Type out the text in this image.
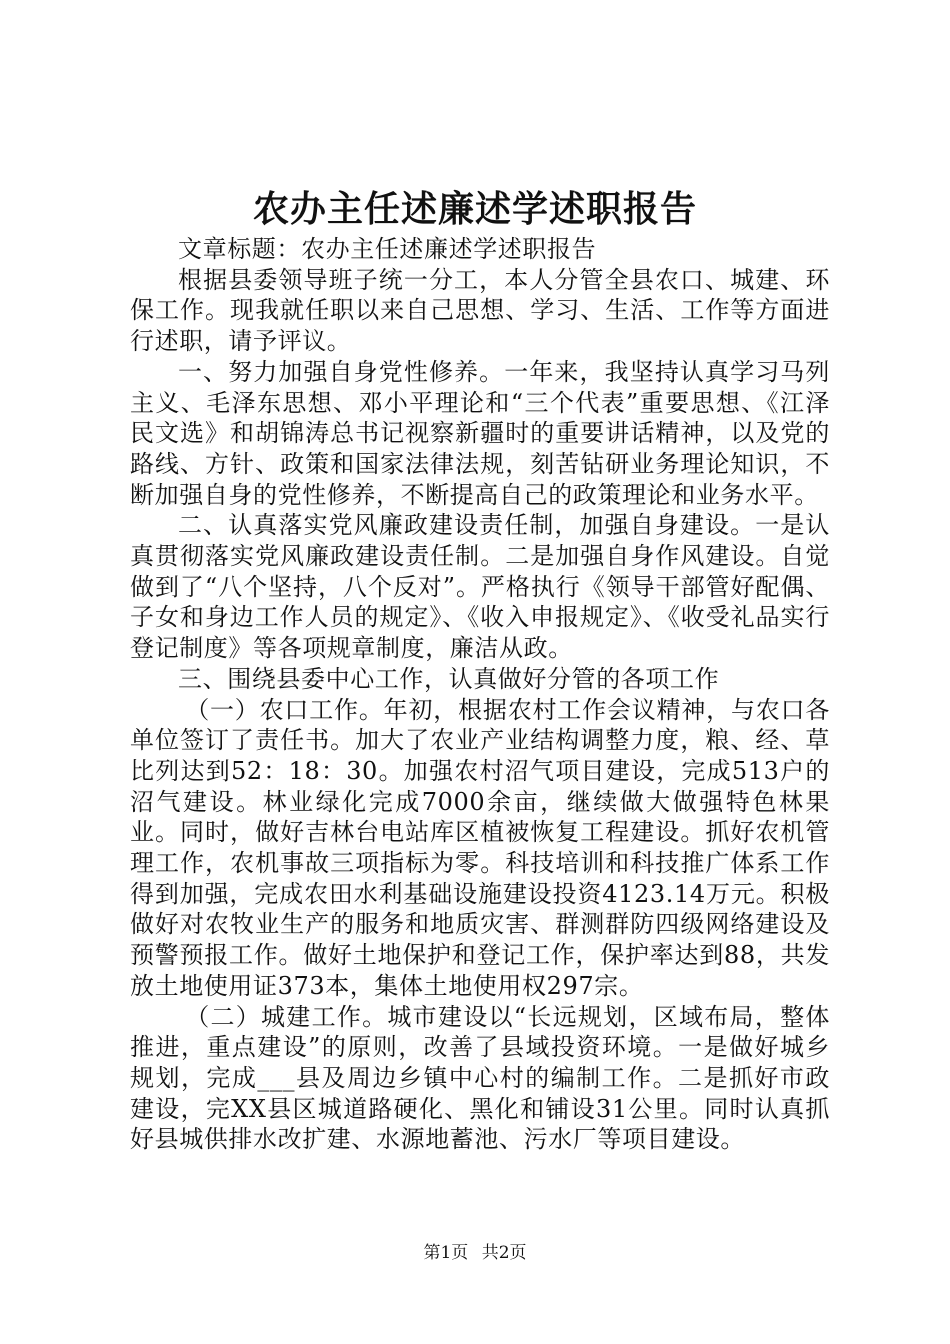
农办主任述廉述学述职报告

文章标题：农办主任述廉述学述职报告

根据县委领导班子统一分工，本人分管全县农口、城建、环保工作。现我就任职以来自己思想、学习、生活、工作等方面进行述职，请予评议。

一、努力加强自身党性修养。一年来，我坚持认真学习马列主义、毛泽东思想、邓小平理论和“三个代表”重要思想、《江泽民文选》和胡锦涛总书记视察新疆时的重要讲话精神，以及党的路线、方针、政策和国家法律法规，刻苦钻研业务理论知识，不断加强自身的党性修养，不断提高自己的政策理论和业务水平。

二、认真落实党风廉政建设责任制，加强自身建设。一是认真贯彻落实党风廉政建设责任制。二是加强自身作风建设。自觉做到了“八个坚持，八个反对”。严格执行《领导干部管好配偶、子女和身边工作人员的规定》、《收入申报规定》、《收受礼品实行登记制度》等各项规章制度，廉洁从政。

三、围绕县委中心工作，认真做好分管的各项工作

（一）农口工作。年初，根据农村工作会议精神，与农口各单位签订了责任书。加大了农业产业结构调整力度，粮、经、草比列达到52：18：30。加强农村沼气项目建设，完成513户的沼气建设。林业绿化完成7000余亩，继续做大做强特色林果业。同时，做好吉林台电站库区植被恢复工程建设。抓好农机管理工作，农机事故三项指标为零。科技培训和科技推广体系工作得到加强，完成农田水利基础设施建设投资4123.14万元。积极做好对农牧业生产的服务和地质灾害、群测群防四级网络建设及预警预报工作。做好土地保护和登记工作，保护率达到88，共发放土地使用证373本，集体土地使用权297宗。

（二）城建工作。城市建设以“长远规划，区域布局，整体推进，重点建设”的原则，改善了县域投资环境。一是做好城乡规划，完成___县及周边乡镇中心村的编制工作。二是抓好市政建设，完XX县区城道路硬化、黑化和铺设31公里。同时认真抓好县城供排水改扩建、水源地蓄池、污水厂等项目建设。

第1页 共2页
